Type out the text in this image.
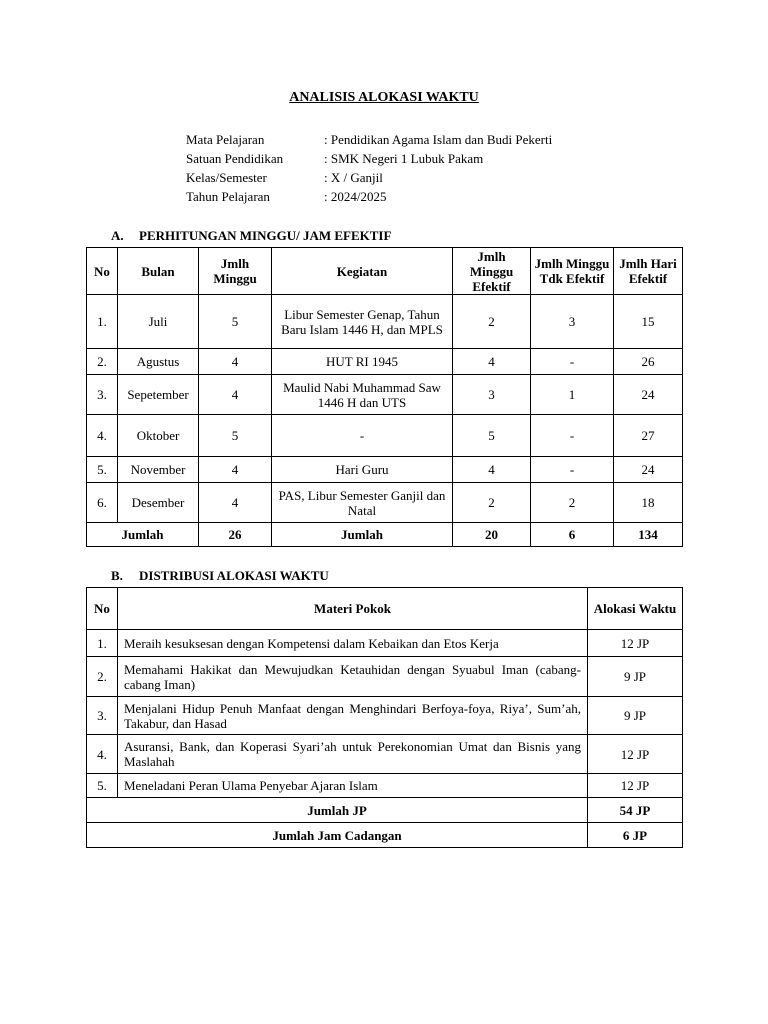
ANALISIS ALOKASI WAKTU
Mata Pelajaran	: Pendidikan Agama Islam dan Budi Pekerti
Satuan Pendidikan	: SMK Negeri 1 Lubuk Pakam
Kelas/Semester	: X / Ganjil
Tahun Pelajaran	: 2024/2025
A. PERHITUNGAN MINGGU/ JAM EFEKTIF
No	Bulan	Jmlh Minggu	Kegiatan	Jmlh Minggu Efektif	Jmlh Minggu Tdk Efektif	Jmlh Hari Efektif
1.	Juli	5	Libur Semester Genap, Tahun Baru Islam 1446 H, dan MPLS	2	3	15
2.	Agustus	4	HUT RI 1945	4	-	26
3.	Sepetember	4	Maulid Nabi Muhammad Saw 1446 H dan UTS	3	1	24
4.	Oktober	5	-	5	-	27
5.	November	4	Hari Guru	4	-	24
6.	Desember	4	PAS, Libur Semester Ganjil dan Natal	2	2	18
Jumlah		26	Jumlah	20	6	134
B. DISTRIBUSI ALOKASI WAKTU
No	Materi Pokok	Alokasi Waktu
1.	Meraih kesuksesan dengan Kompetensi dalam Kebaikan dan Etos Kerja	12 JP
2.	Memahami Hakikat dan Mewujudkan Ketauhidan dengan Syuabul Iman (cabang-cabang Iman)	9 JP
3.	Menjalani Hidup Penuh Manfaat dengan Menghindari Berfoya-foya, Riya’, Sum’ah, Takabur, dan Hasad	9 JP
4.	Asuransi, Bank, dan Koperasi Syari’ah untuk Perekonomian Umat dan Bisnis yang Maslahah	12 JP
5.	Meneladani Peran Ulama Penyebar Ajaran Islam	12 JP
Jumlah JP		54 JP
Jumlah Jam Cadangan		6 JP
